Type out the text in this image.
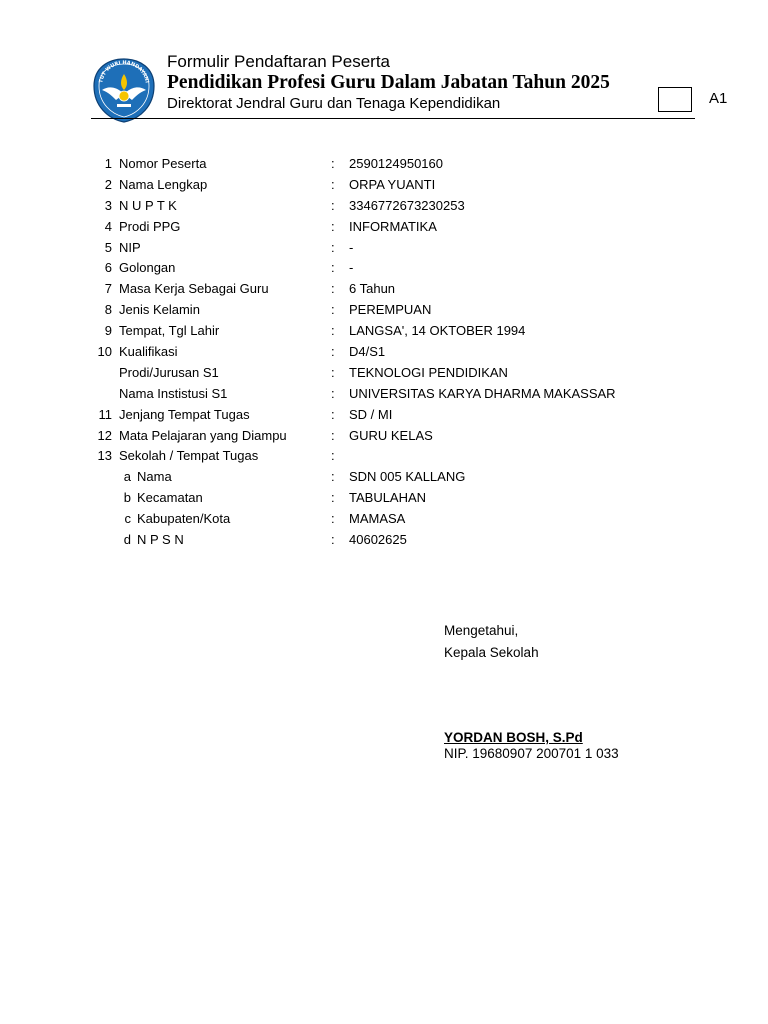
TUT WURI HANDAYANI
Formulir Pendaftaran Peserta
Pendidikan Profesi Guru Dalam Jabatan Tahun 2025
Direktorat Jendral Guru dan Tenaga Kependidikan	A1
1 Nomor Peserta	: 2590124950160
2 Nama Lengkap	: ORPA YUANTI
3 N U P T K	: 3346772673230253
4 Prodi PPG	: INFORMATIKA
5 NIP	: -
6 Golongan	: -
7 Masa Kerja Sebagai Guru	: 6 Tahun
8 Jenis Kelamin	: PEREMPUAN
9 Tempat, Tgl Lahir	: LANGSA', 14 OKTOBER 1994
10 Kualifikasi	: D4/S1
Prodi/Jurusan S1	: TEKNOLOGI PENDIDIKAN
Nama Instistusi S1	: UNIVERSITAS KARYA DHARMA MAKASSAR
11 Jenjang Tempat Tugas	: SD / MI
12 Mata Pelajaran yang Diampu	: GURU KELAS
13 Sekolah / Tempat Tugas	:
a Nama	: SDN 005 KALLANG
b Kecamatan	: TABULAHAN
c Kabupaten/Kota	: MAMASA
d N P S N	: 40602625
Mengetahui,
Kepala Sekolah
YORDAN BOSH, S.Pd
NIP. 19680907 200701 1 033
